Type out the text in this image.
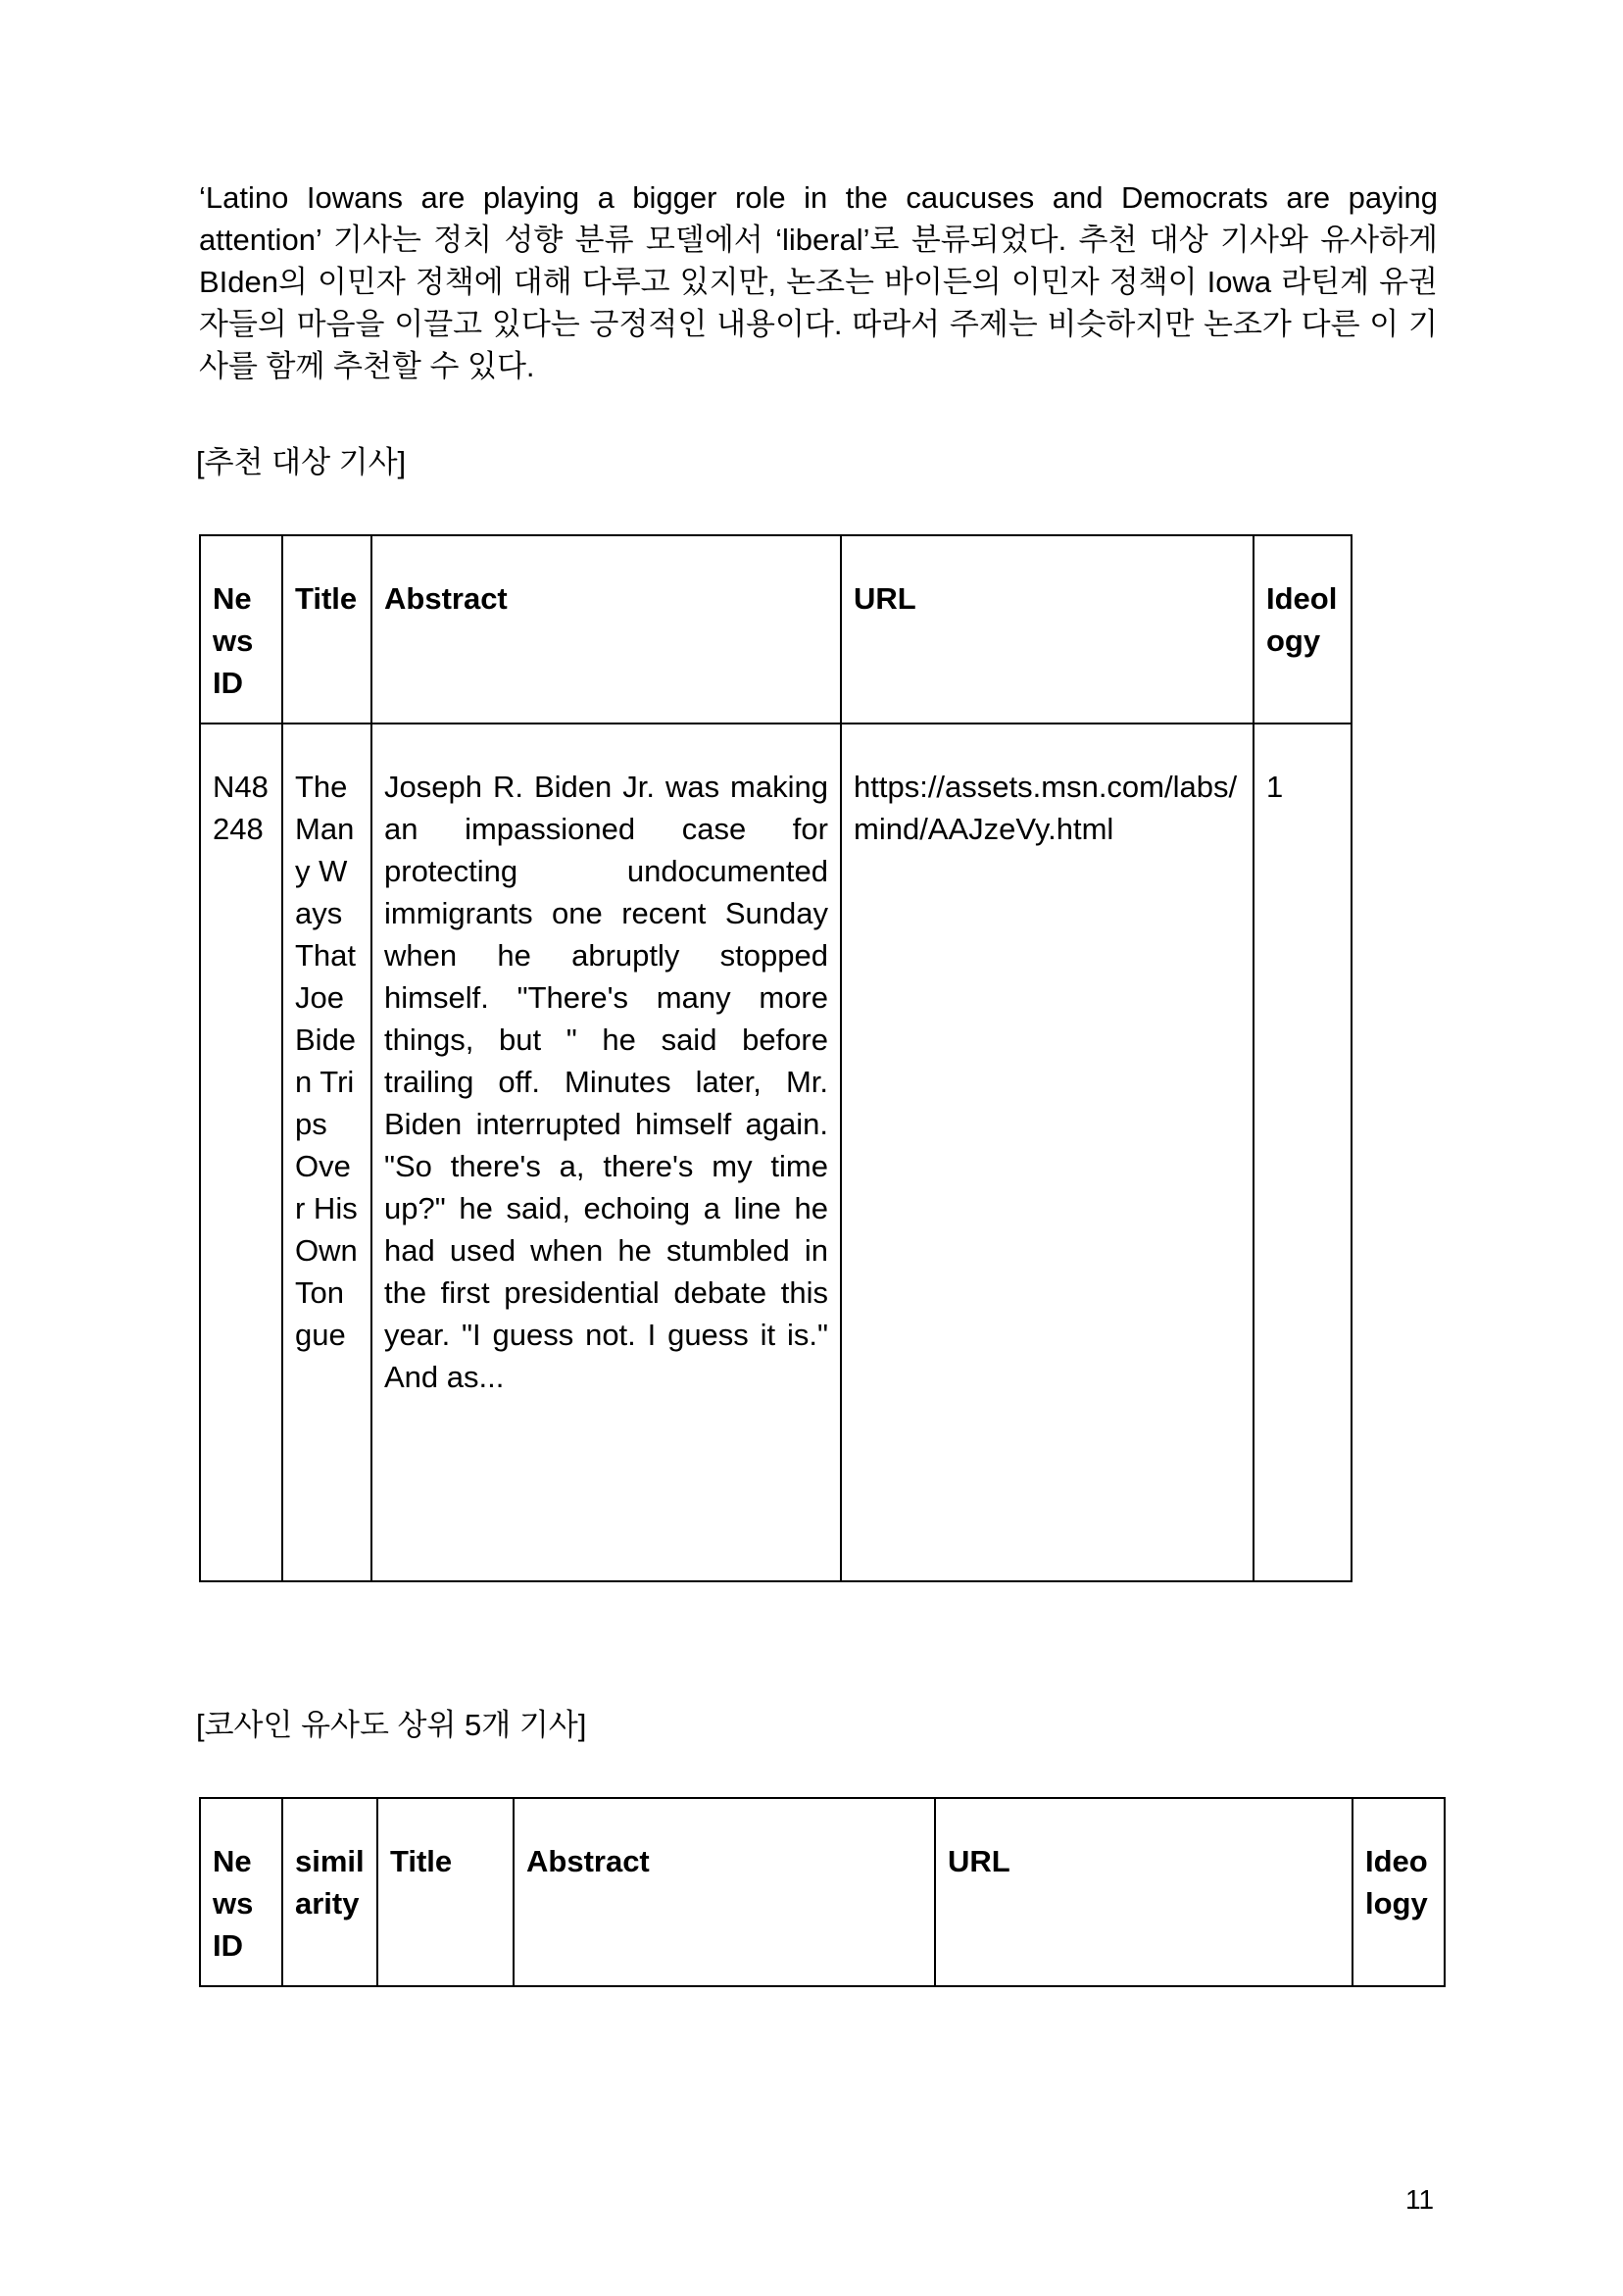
‘Latino Iowans are playing a bigger role in the caucuses and Democrats are paying attention’ 기사는 정치 성향 분류 모델에서 ‘liberal’로 분류되었다. 추천 대상 기사와 유사하게 BIden의 이민자 정책에 대해 다루고 있지만, 논조는 바이든의 이민자 정책이 Iowa 라틴계 유권자들의 마음을 이끌고 있다는 긍정적인 내용이다. 따라서 주제는 비슷하지만 논조가 다른 이 기사를 함께 추천할 수 있다.

[추천 대상 기사]
News ID	Title	Abstract	URL	Ideology
N48248	The Many Ways That Joe Biden Trips Over His Own Tongue	Joseph R. Biden Jr. was making an impassioned case for protecting undocumented immigrants one recent Sunday when he abruptly stopped himself. "There's many more things, but " he said before trailing off. Minutes later, Mr. Biden interrupted himself again. "So there's a, there's my time up?" he said, echoing a line he had used when he stumbled in the first presidential debate this year. "I guess not. I guess it is." And as...	https://assets.msn.com/labs/mind/AAJzeVy.html	1
[코사인 유사도 상위 5개 기사]
News ID	similarity	Title	Abstract	URL	Ideology
11
